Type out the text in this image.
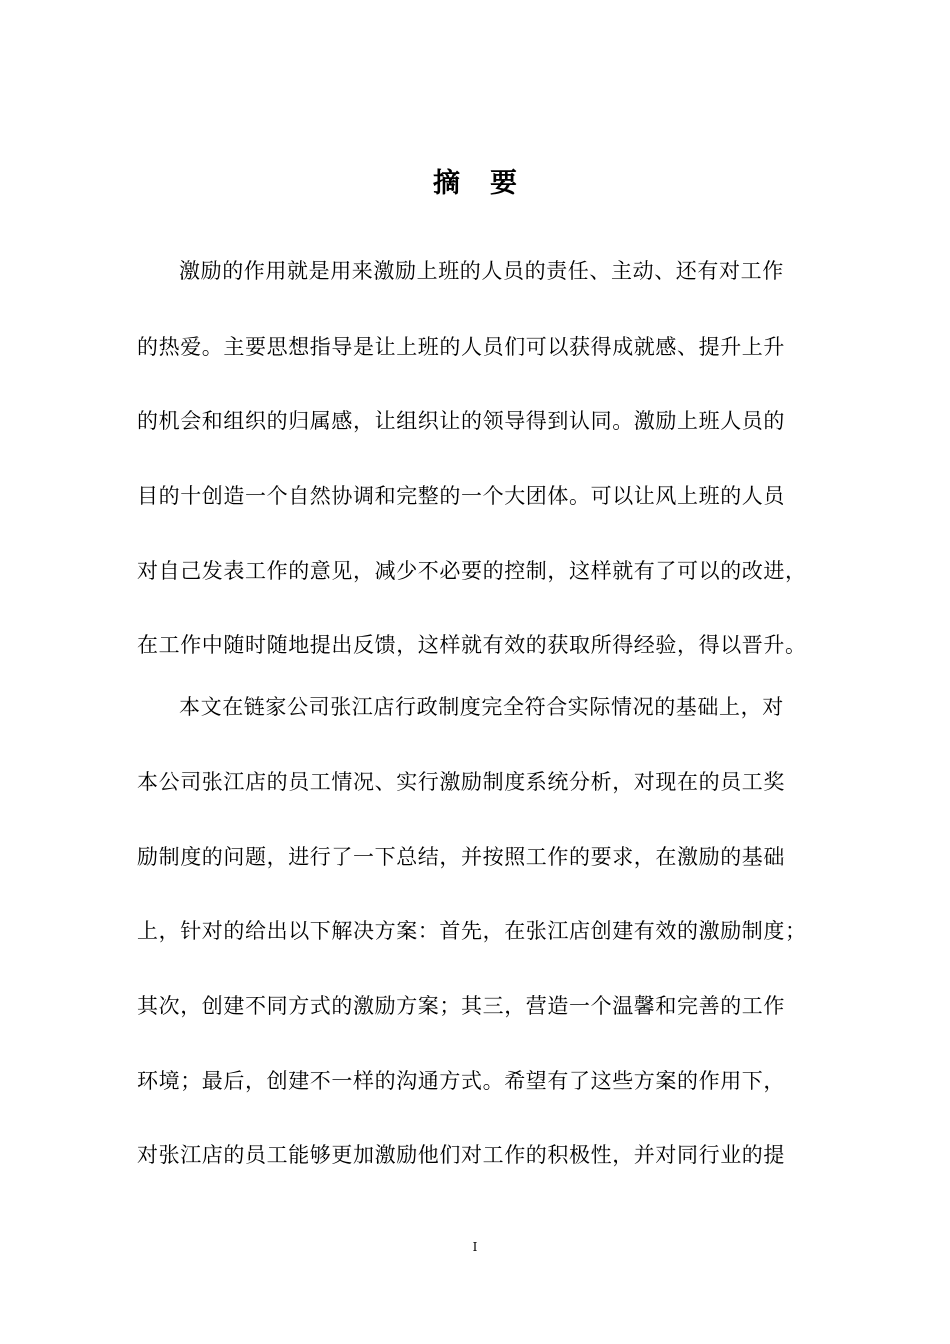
摘 要
激励的作用就是用来激励上班的人员的责任、主动、还有对工作
的热爱。主要思想指导是让上班的人员们可以获得成就感、提升上升
的机会和组织的归属感，让组织让的领导得到认同。激励上班人员的
目的十创造一个自然协调和完整的一个大团体。可以让风上班的人员
对自己发表工作的意见，减少不必要的控制，这样就有了可以的改进，
在工作中随时随地提出反馈，这样就有效的获取所得经验，得以晋升。
本文在链家公司张江店行政制度完全符合实际情况的基础上，对
本公司张江店的员工情况、实行激励制度系统分析，对现在的员工奖
励制度的问题，进行了一下总结，并按照工作的要求，在激励的基础
上，针对的给出以下解决方案：首先，在张江店创建有效的激励制度；
其次，创建不同方式的激励方案；其三，营造一个温馨和完善的工作
环境；最后，创建不一样的沟通方式。希望有了这些方案的作用下，
对张江店的员工能够更加激励他们对工作的积极性，并对同行业的提
I
